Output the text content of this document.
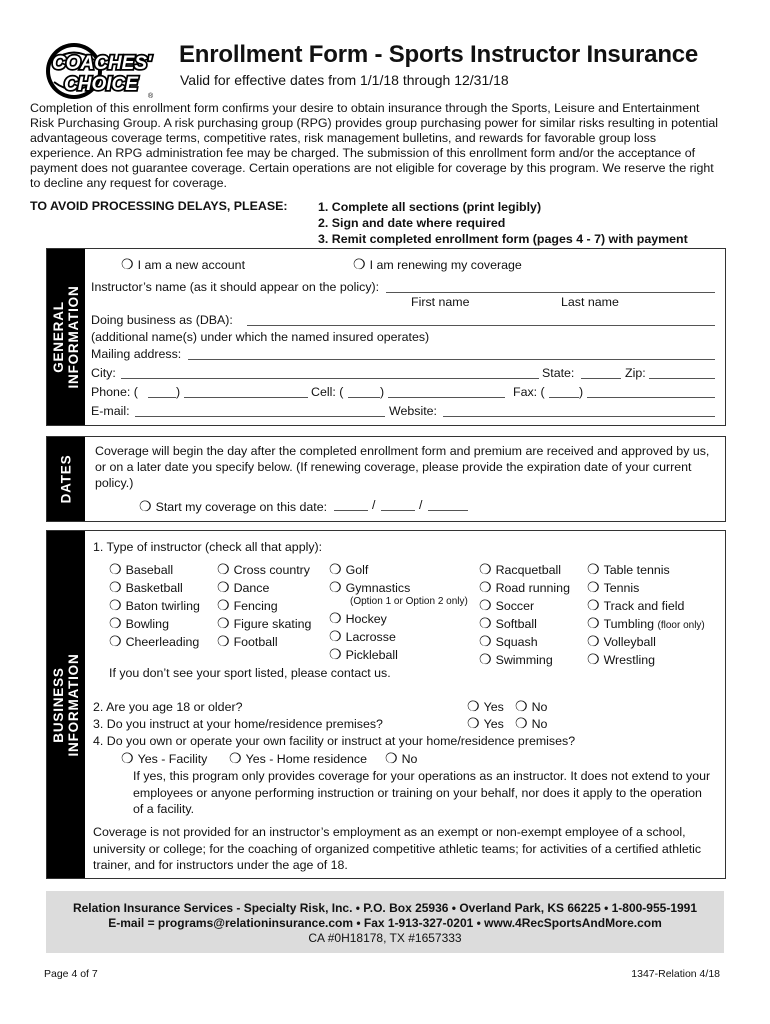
COACHES'
CHOICE
®
Enrollment Form - Sports Instructor Insurance
Valid for effective dates from 1/1/18 through 12/31/18
Completion of this enrollment form confirms your desire to obtain insurance through the Sports, Leisure and Entertainment Risk Purchasing Group. A risk purchasing group (RPG) provides group purchasing power for similar risks resulting in potential advantageous coverage terms, competitive rates, risk management bulletins, and rewards for favorable group loss experience. An RPG administration fee may be charged. The submission of this enrollment form and/or the acceptance of payment does not guarantee coverage. Certain operations are not eligible for coverage by this program. We reserve the right to decline any request for coverage.
TO AVOID PROCESSING DELAYS, PLEASE: 1. Complete all sections (print legibly)
2. Sign and date where required
3. Remit completed enrollment form (pages 4 - 7) with payment
GENERAL
INFORMATION
❍ I am a new account	❍ I am renewing my coverage
Instructor’s name (as it should appear on the policy):
First name	Last name
Doing business as (DBA):
(additional name(s) under which the named insured operates)
Mailing address:
City:	State:	Zip:
Phone: (	)	Cell: (	)	Fax: (	)
E-mail:	Website:
DATES
Coverage will begin the day after the completed enrollment form and premium are received and approved by us, or on a later date you specify below. (If renewing coverage, please provide the expiration date of your current policy.)
❍ Start my coverage on this date:	/	/
BUSINESS
INFORMATION
1. Type of instructor (check all that apply):
❍ Baseball
❍ Basketball
❍ Baton twirling
❍ Bowling
❍ Cheerleading
❍ Cross country
❍ Dance
❍ Fencing
❍ Figure skating
❍ Football
❍ Golf
❍ Gymnastics
(Option 1 or Option 2 only)
❍ Hockey
❍ Lacrosse
❍ Pickleball
❍ Racquetball
❍ Road running
❍ Soccer
❍ Softball
❍ Squash
❍ Swimming
❍ Table tennis
❍ Tennis
❍ Track and field
❍ Tumbling (floor only)
❍ Volleyball
❍ Wrestling
If you don’t see your sport listed, please contact us.
2. Are you age 18 or older?	❍ Yes ❍ No
3. Do you instruct at your home/residence premises?	❍ Yes ❍ No
4. Do you own or operate your own facility or instruct at your home/residence premises?
❍ Yes - Facility ❍ Yes - Home residence ❍ No
If yes, this program only provides coverage for your operations as an instructor. It does not extend to your employees or anyone performing instruction or training on your behalf, nor does it apply to the operation of a facility.
Coverage is not provided for an instructor’s employment as an exempt or non-exempt employee of a school, university or college; for the coaching of organized competitive athletic teams; for activities of a certified athletic trainer, and for instructors under the age of 18.
Relation Insurance Services - Specialty Risk, Inc. • P.O. Box 25936 • Overland Park, KS 66225 • 1-800-955-1991
E-mail = programs@relationinsurance.com • Fax 1-913-327-0201 • www.4RecSportsAndMore.com
CA #0H18178, TX #1657333
Page 4 of 7	1347-Relation 4/18
